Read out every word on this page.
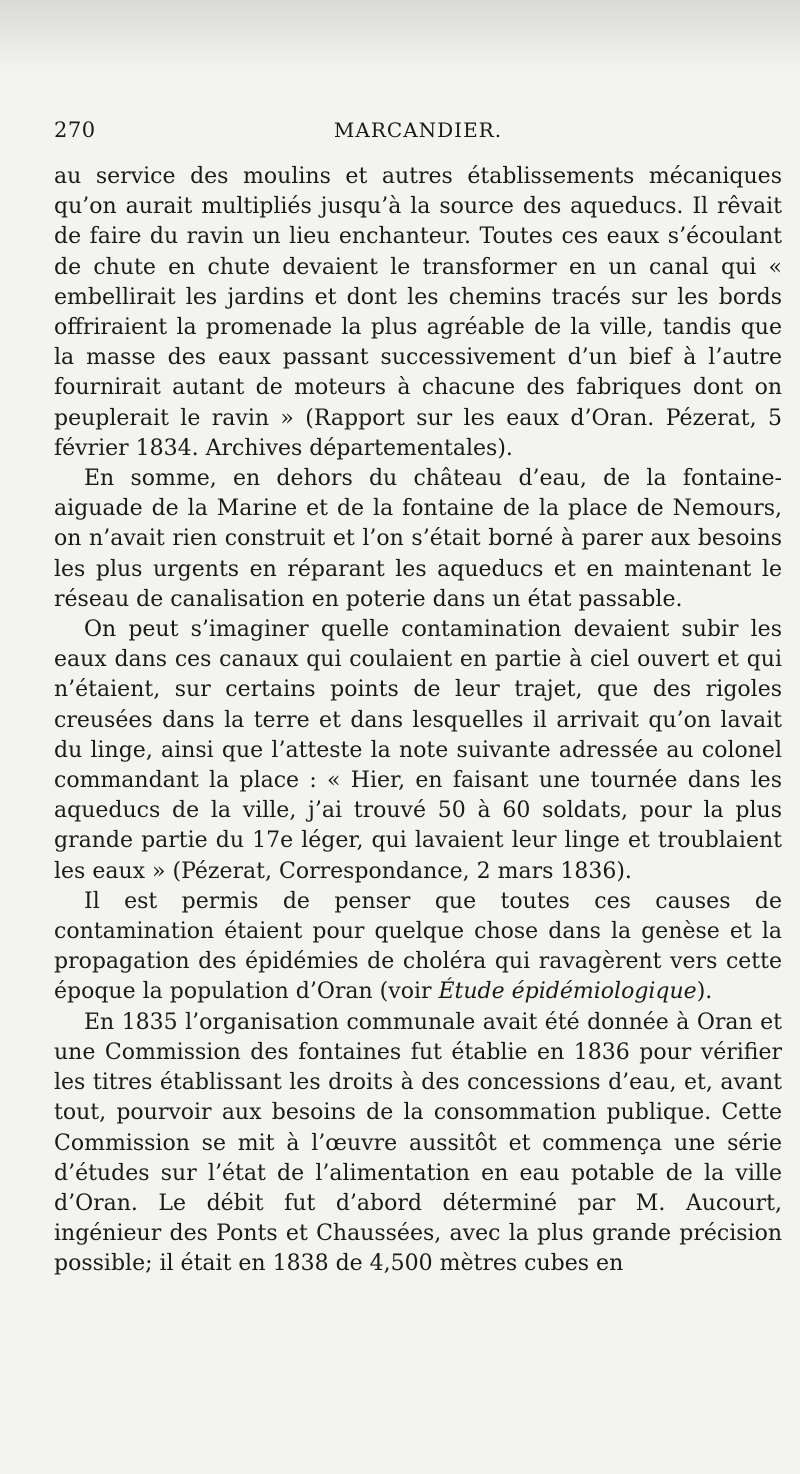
270	MARCANDIER.

au service des moulins et autres établissements mécaniques qu’on aurait multipliés jusqu’à la source des aqueducs. Il rêvait de faire du ravin un lieu enchanteur. Toutes ces eaux s’écoulant de chute en chute devaient le transformer en un canal qui « embellirait les jardins et dont les chemins tracés sur les bords offriraient la promenade la plus agréable de la ville, tandis que la masse des eaux passant successivement d’un bief à l’autre fournirait autant de moteurs à chacune des fabriques dont on peuplerait le ravin » (Rapport sur les eaux d’Oran. Pézerat, 5 février 1834. Archives départementales).

En somme, en dehors du château d’eau, de la fontaine-aiguade de la Marine et de la fontaine de la place de Nemours, on n’avait rien construit et l’on s’était borné à parer aux besoins les plus urgents en réparant les aqueducs et en maintenant le réseau de canalisation en poterie dans un état passable.

On peut s’imaginer quelle contamination devaient subir les eaux dans ces canaux qui coulaient en partie à ciel ouvert et qui n’étaient, sur certains points de leur trajet, que des rigoles creusées dans la terre et dans lesquelles il arrivait qu’on lavait du linge, ainsi que l’atteste la note suivante adressée au colonel commandant la place : « Hier, en faisant une tournée dans les aqueducs de la ville, j’ai trouvé 50 à 60 soldats, pour la plus grande partie du 17e léger, qui lavaient leur linge et troublaient les eaux » (Pézerat, Correspondance, 2 mars 1836).

Il est permis de penser que toutes ces causes de contamination étaient pour quelque chose dans la genèse et la propagation des épidémies de choléra qui ravagèrent vers cette époque la population d’Oran (voir Étude épidémiologique).

En 1835 l’organisation communale avait été donnée à Oran et une Commission des fontaines fut établie en 1836 pour vérifier les titres établissant les droits à des concessions d’eau, et, avant tout, pourvoir aux besoins de la consommation publique. Cette Commission se mit à l’œuvre aussitôt et commença une série d’études sur l’état de l’alimentation en eau potable de la ville d’Oran. Le débit fut d’abord déterminé par M. Aucourt, ingénieur des Ponts et Chaussées, avec la plus grande précision possible; il était en 1838 de 4,500 mètres cubes en
